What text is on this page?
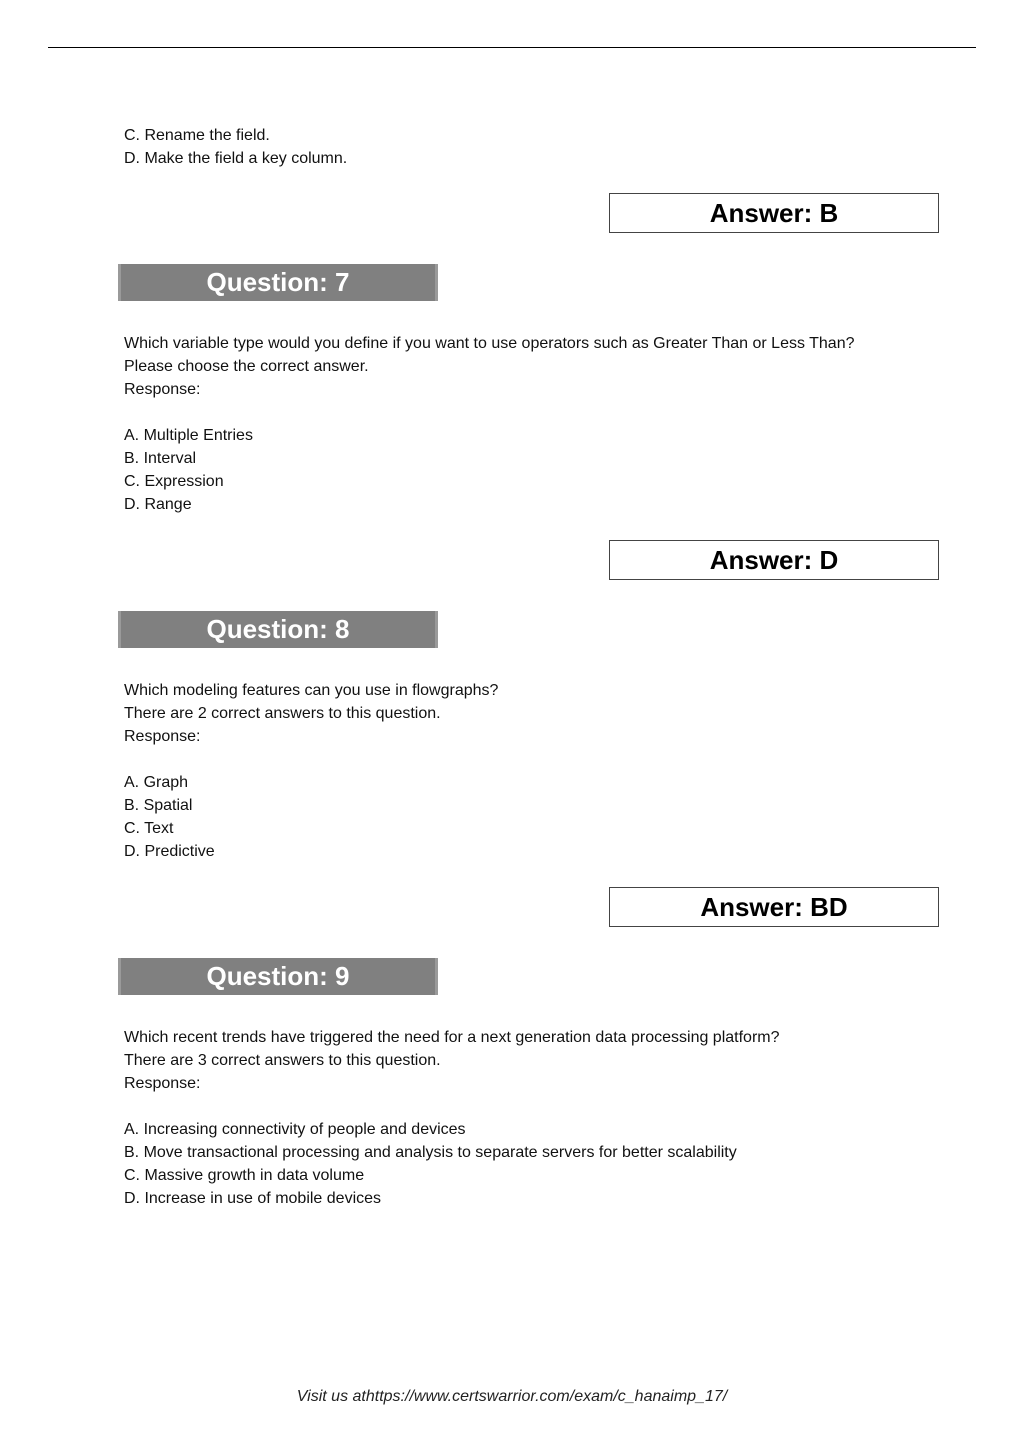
C. Rename the field.
D. Make the field a key column.
Answer: B
Question: 7
Which variable type would you define if you want to use operators such as Greater Than or Less Than?
Please choose the correct answer.
Response:
A. Multiple Entries
B. Interval
C. Expression
D. Range
Answer: D
Question: 8
Which modeling features can you use in flowgraphs?
There are 2 correct answers to this question.
Response:
A. Graph
B. Spatial
C. Text
D. Predictive
Answer: BD
Question: 9
Which recent trends have triggered the need for a next generation data processing platform?
There are 3 correct answers to this question.
Response:
A. Increasing connectivity of people and devices
B. Move transactional processing and analysis to separate servers for better scalability
C. Massive growth in data volume
D. Increase in use of mobile devices
Visit us athttps://www.certswarrior.com/exam/c_hanaimp_17/
